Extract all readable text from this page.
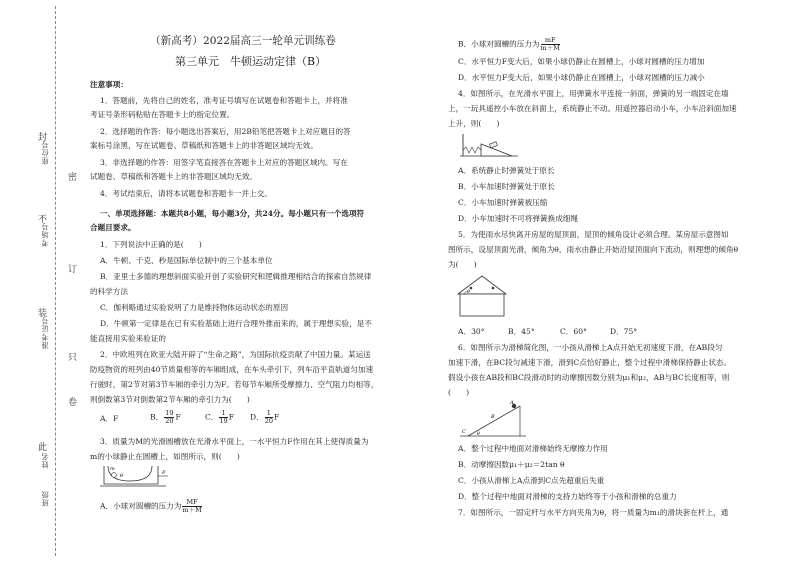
封
座位号
密
不
考场号
订
装
准考证号
只
卷
此
姓名
班级
（新高考）2022届高三一轮单元训练卷
第三单元　牛顿运动定律（B）
注意事项：
1．答题前，先将自己的姓名、准考证号填写在试题卷和答题卡上，并将准
考证号条形码粘贴在答题卡上的指定位置。
2．选择题的作答：每小题选出答案后，用2B铅笔把答题卡上对应题目的答
案标号涂黑，写在试题卷、草稿纸和答题卡上的非答题区域均无效。
3．非选择题的作答：用签字笔直接答在答题卡上对应的答题区域内。写在
试题卷、草稿纸和答题卡上的非答题区域均无效。
4．考试结束后，请将本试题卷和答题卡一并上交。
一、单项选择题：本题共8小题，每小题3分，共24分。每小题只有一个选项符
合题目要求。
1．下列说法中正确的是(　　)
A．牛顿、千克、秒是国际单位制中的三个基本单位
B．亚里士多德的理想斜面实验开创了实验研究和逻辑推理相结合的探索自然规律
的科学方法
C．伽利略通过实验说明了力是维持物体运动状态的原因
D．牛顿第一定律是在已有实验基础上进行合理外推而来的，属于理想实验，是不
能直接用实验来验证的
2．中欧班列在欧亚大陆开辟了“生命之路”，为国际抗疫贡献了中国力量。某运送
防疫物资的班列由40节质量相等的车厢组成，在车头牵引下，列车沿平直轨道匀加速
行驶时，第2节对第3节车厢的牵引力为F。若每节车厢所受摩擦力、空气阻力均相等，
则倒数第3节对倒数第2节车厢的牵引力为(　　)
A．F	B． $\frac{19}{20}$ F	C． $\frac{1}{19}$ F D． $\frac{1}{20}$ F
3．质量为M的光滑圆槽放在光滑水平面上，一水平恒力F作用在其上使得质量为
m的小球静止在圆槽上，如图所示，则(　　)
m
θ	F
A．小球对圆槽的压力为 $\frac{MF}{m+M}$
B．小球对圆槽的压力为 $\frac{mF}{m+M}$
C．水平恒力F变大后，如果小球仍静止在圆槽上，小球对圆槽的压力增加
D．水平恒力F变大后，如果小球仍静止在圆槽上，小球对圆槽的压力减小
4．如图所示，在光滑水平面上，用弹簧水平连接一斜面，弹簧的另一端固定在墙
上，一玩具遥控小车放在斜面上，系统静止不动。用遥控器启动小车，小车沿斜面加速
上升，则(　　)
A．系统静止时弹簧处于原长
B．小车加速时弹簧处于原长
C．小车加速时弹簧被压缩
D．小车加速时不可将弹簧换成细绳
5．为使雨水尽快离开房屋的屋顶面，屋顶的倾角设计必须合理。某房屋示意图如
图所示，设屋顶面光滑，倾角为θ，雨水由静止开始沿屋顶面向下流动，则理想的倾角θ
为(　　)
θ
A．30°	B．45°	C．60°	D．75°
6．如图所示为滑梯简化图，一小孩从滑梯上A点开始无初速度下滑，在AB段匀
加速下滑，在BC段匀减速下滑，滑到C点恰好静止，整个过程中滑梯保持静止状态。
假设小孩在AB段和BC段滑动时的动摩擦因数分别为μ₁和μ₂，AB与BC长度相等，则
(　　)
A
B
C θ
A．整个过程中地面对滑梯始终无摩擦力作用
B．动摩擦因数μ₁＋μ₂＝2tan θ
C．小孩从滑梯上A点滑到C点先超重后失重
D．整个过程中地面对滑梯的支持力始终等于小孩和滑梯的总重力
7．如图所示，一固定杆与水平方向夹角为θ，将一质量为m₁的滑块套在杆上，通
